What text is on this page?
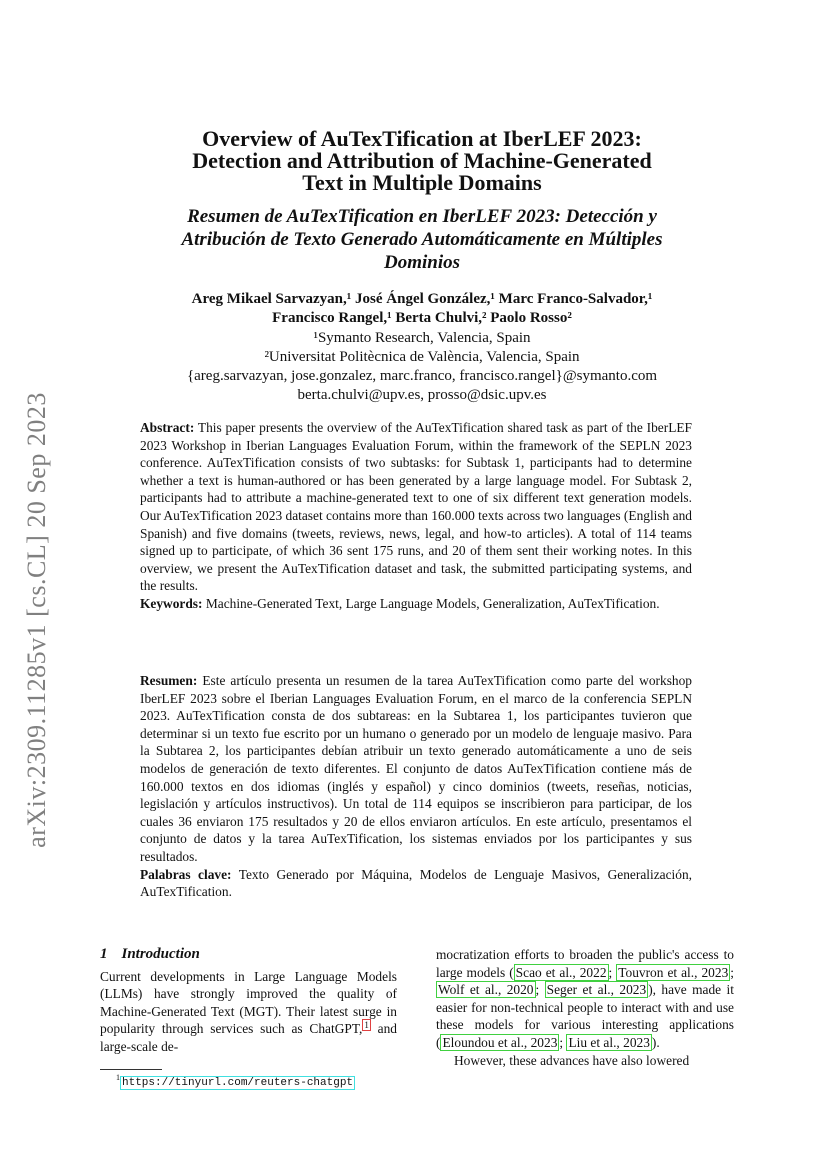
arXiv:2309.11285v1 [cs.CL] 20 Sep 2023
Overview of AuTexTification at IberLEF 2023:
Detection and Attribution of Machine-Generated
Text in Multiple Domains
Resumen de AuTexTification en IberLEF 2023: Detección y
Atribución de Texto Generado Automáticamente en Múltiples
Dominios
Areg Mikael Sarvazyan,¹ José Ángel González,¹ Marc Franco-Salvador,¹
Francisco Rangel,¹ Berta Chulvi,² Paolo Rosso²
¹Symanto Research, Valencia, Spain
²Universitat Politècnica de València, Valencia, Spain
{areg.sarvazyan, jose.gonzalez, marc.franco, francisco.rangel}@symanto.com
berta.chulvi@upv.es, prosso@dsic.upv.es
Abstract: This paper presents the overview of the AuTexTification shared task as part of the IberLEF 2023 Workshop in Iberian Languages Evaluation Forum, within the framework of the SEPLN 2023 conference. AuTexTification consists of two subtasks: for Subtask 1, participants had to determine whether a text is human-authored or has been generated by a large language model. For Subtask 2, participants had to attribute a machine-generated text to one of six different text generation models. Our AuTexTification 2023 dataset contains more than 160.000 texts across two languages (English and Spanish) and five domains (tweets, reviews, news, legal, and how-to articles). A total of 114 teams signed up to participate, of which 36 sent 175 runs, and 20 of them sent their working notes. In this overview, we present the AuTexTification dataset and task, the submitted participating systems, and the results.
Keywords: Machine-Generated Text, Large Language Models, Generalization, AuTexTification.
Resumen: Este artículo presenta un resumen de la tarea AuTexTification como parte del workshop IberLEF 2023 sobre el Iberian Languages Evaluation Forum, en el marco de la conferencia SEPLN 2023. AuTexTification consta de dos subtareas: en la Subtarea 1, los participantes tuvieron que determinar si un texto fue escrito por un humano o generado por un modelo de lenguaje masivo. Para la Subtarea 2, los participantes debían atribuir un texto generado automáticamente a uno de seis modelos de generación de texto diferentes. El conjunto de datos AuTexTification contiene más de 160.000 textos en dos idiomas (inglés y español) y cinco dominios (tweets, reseñas, noticias, legislación y artículos instructivos). Un total de 114 equipos se inscribieron para participar, de los cuales 36 enviaron 175 resultados y 20 de ellos enviaron artículos. En este artículo, presentamos el conjunto de datos y la tarea AuTexTification, los sistemas enviados por los participantes y sus resultados.
Palabras clave: Texto Generado por Máquina, Modelos de Lenguaje Masivos, Generalización, AuTexTification.
1 Introduction
Current developments in Large Language Models (LLMs) have strongly improved the quality of Machine-Generated Text (MGT). Their latest surge in popularity through services such as ChatGPT, $^1$ and large-scale de-
mocratization efforts to broaden the public's access to large models ( Scao et al., 2022 ; Touvron et al., 2023 ; Wolf et al., 2020 ; Seger et al., 2023 ), have made it easier for non-technical people to interact with and use these models for various interesting applications ( Eloundou et al., 2023 ; Liu et al., 2023 ).
However, these advances have also lowered
$^1$ https://tinyurl.com/reuters-chatgpt
